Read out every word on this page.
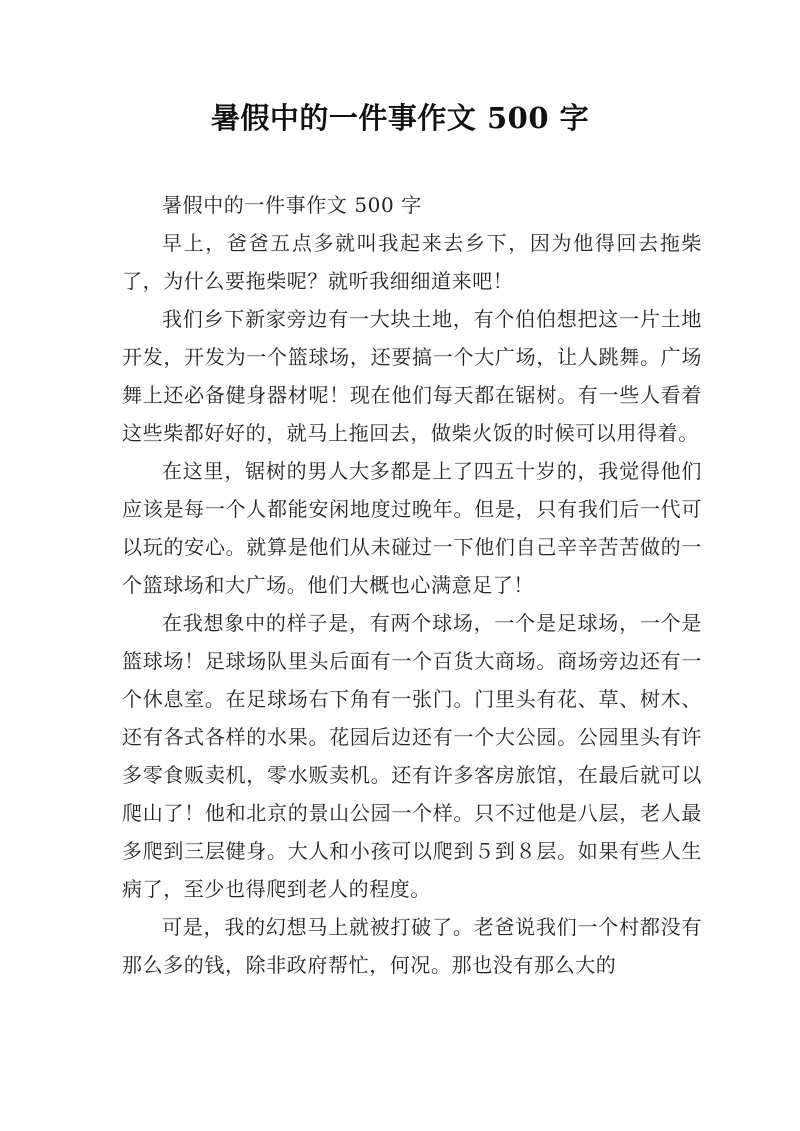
暑假中的一件事作文 500 字

暑假中的一件事作文 500 字

早上，爸爸五点多就叫我起来去乡下，因为他得回去拖柴了，为什么要拖柴呢？就听我细细道来吧！

我们乡下新家旁边有一大块土地，有个伯伯想把这一片土地开发，开发为一个篮球场，还要搞一个大广场，让人跳舞。广场舞上还必备健身器材呢！现在他们每天都在锯树。有一些人看着这些柴都好好的，就马上拖回去，做柴火饭的时候可以用得着。

在这里，锯树的男人大多都是上了四五十岁的，我觉得他们应该是每一个人都能安闲地度过晚年。但是，只有我们后一代可以玩的安心。就算是他们从未碰过一下他们自己辛辛苦苦做的一个篮球场和大广场。他们大概也心满意足了！

在我想象中的样子是，有两个球场，一个是足球场，一个是篮球场！足球场队里头后面有一个百货大商场。商场旁边还有一个休息室。在足球场右下角有一张门。门里头有花、草、树木、还有各式各样的水果。花园后边还有一个大公园。公园里头有许多零食贩卖机，零水贩卖机。还有许多客房旅馆，在最后就可以爬山了！他和北京的景山公园一个样。只不过他是八层，老人最多爬到三层健身。大人和小孩可以爬到５到８层。如果有些人生病了，至少也得爬到老人的程度。

可是，我的幻想马上就被打破了。老爸说我们一个村都没有那么多的钱，除非政府帮忙，何况。那也没有那么大的
